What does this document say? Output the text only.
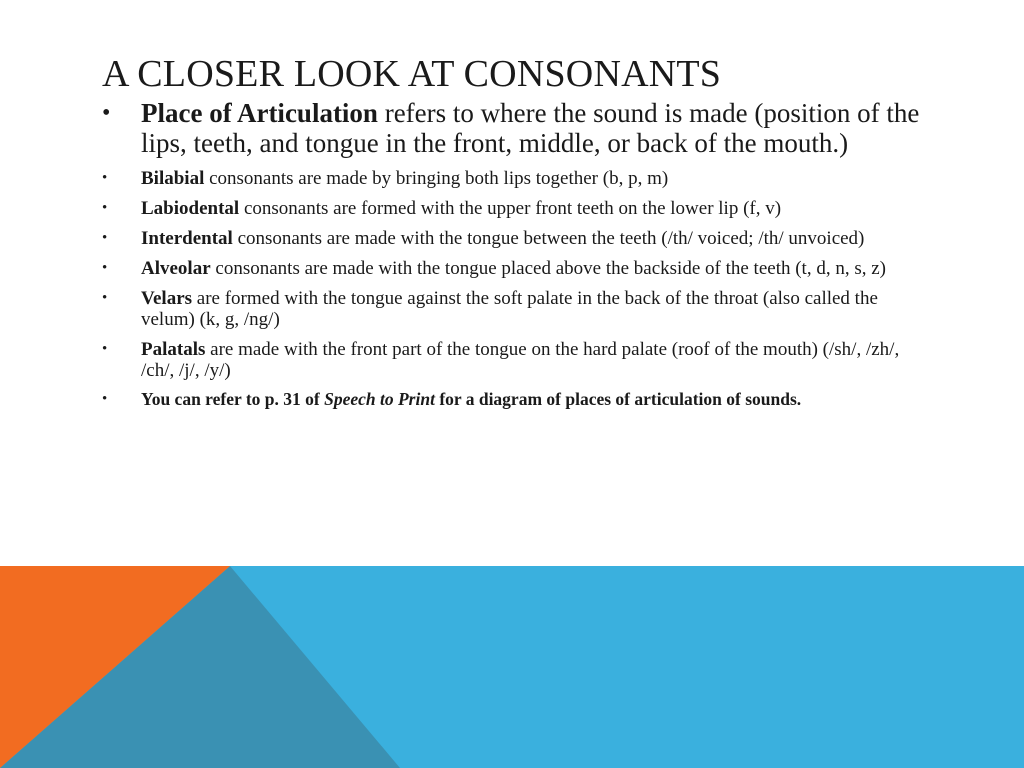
A CLOSER LOOK AT CONSONANTS
• Place of Articulation refers to where the sound is made (position of the lips, teeth, and tongue in the front, middle, or back of the mouth.)
• Bilabial consonants are made by bringing both lips together (b, p, m)
• Labiodental consonants are formed with the upper front teeth on the lower lip (f, v)
• Interdental consonants are made with the tongue between the teeth (/th/ voiced; /th/ unvoiced)
• Alveolar consonants are made with the tongue placed above the backside of the teeth (t, d, n, s, z)
• Velars are formed with the tongue against the soft palate in the back of the throat (also called the velum) (k, g, /ng/)
• Palatals are made with the front part of the tongue on the hard palate (roof of the mouth) (/sh/, /zh/, /ch/, /j/, /y/)
• You can refer to p. 31 of Speech to Print for a diagram of places of articulation of sounds.
